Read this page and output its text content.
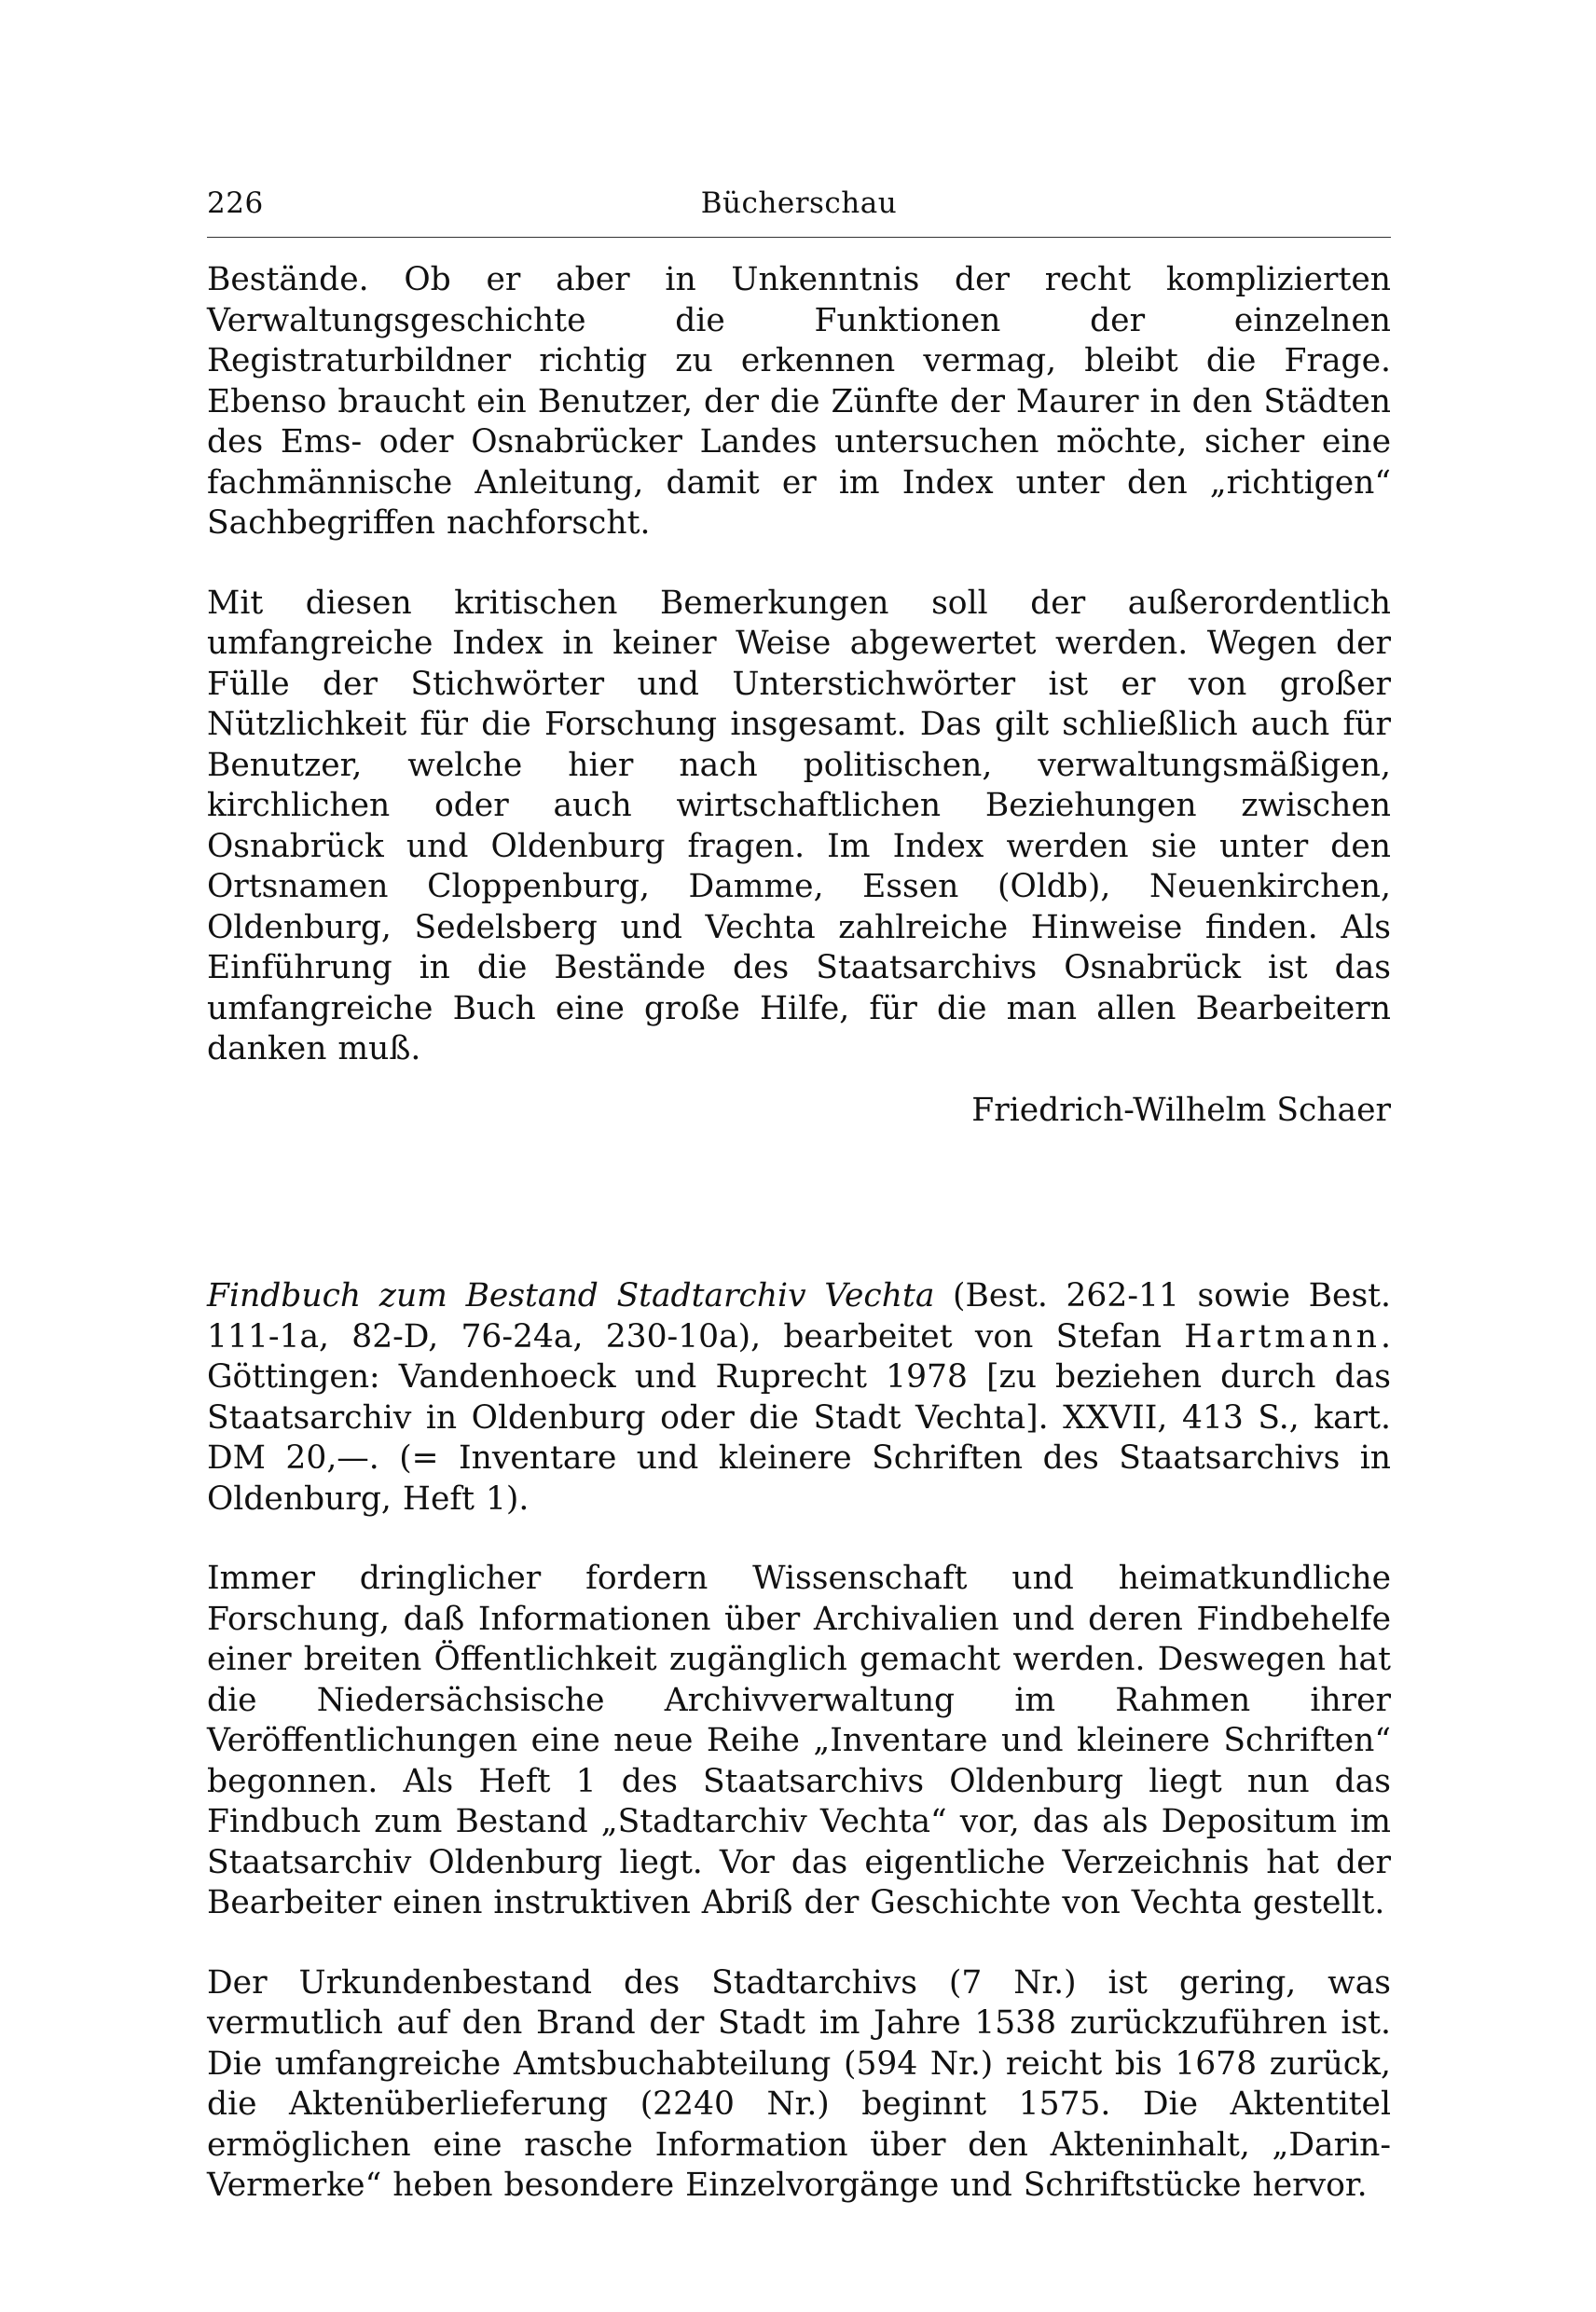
226	Bücherschau

Bestände. Ob er aber in Unkenntnis der recht komplizierten Verwaltungsgeschichte die Funktionen der einzelnen Registraturbildner richtig zu erkennen vermag, bleibt die Frage. Ebenso braucht ein Benutzer, der die Zünfte der Maurer in den Städten des Ems- oder Osnabrücker Landes untersuchen möchte, sicher eine fachmännische Anleitung, damit er im Index unter den „richtigen“ Sachbegriffen nachforscht.

Mit diesen kritischen Bemerkungen soll der außerordentlich umfangreiche Index in keiner Weise abgewertet werden. Wegen der Fülle der Stichwörter und Unterstichwörter ist er von großer Nützlichkeit für die Forschung insgesamt. Das gilt schließlich auch für Benutzer, welche hier nach politischen, verwaltungsmäßigen, kirchlichen oder auch wirtschaftlichen Beziehungen zwischen Osnabrück und Oldenburg fragen. Im Index werden sie unter den Ortsnamen Cloppenburg, Damme, Essen (Oldb), Neuenkirchen, Oldenburg, Sedelsberg und Vechta zahlreiche Hinweise finden. Als Einführung in die Bestände des Staatsarchivs Osnabrück ist das umfangreiche Buch eine große Hilfe, für die man allen Bearbeitern danken muß.

Friedrich-Wilhelm Schaer

Findbuch zum Bestand Stadtarchiv Vechta (Best. 262-11 sowie Best. 111-1a, 82-D, 76-24a, 230-10a), bearbeitet von Stefan Hartmann. Göttingen: Vandenhoeck und Ruprecht 1978 [zu beziehen durch das Staatsarchiv in Oldenburg oder die Stadt Vechta]. XXVII, 413 S., kart. DM 20,—. (= Inventare und kleinere Schriften des Staatsarchivs in Oldenburg, Heft 1).

Immer dringlicher fordern Wissenschaft und heimatkundliche Forschung, daß Informationen über Archivalien und deren Findbehelfe einer breiten Öffentlichkeit zugänglich gemacht werden. Deswegen hat die Niedersächsische Archivverwaltung im Rahmen ihrer Veröffentlichungen eine neue Reihe „Inventare und kleinere Schriften“ begonnen. Als Heft 1 des Staatsarchivs Oldenburg liegt nun das Findbuch zum Bestand „Stadtarchiv Vechta“ vor, das als Depositum im Staatsarchiv Oldenburg liegt. Vor das eigentliche Verzeichnis hat der Bearbeiter einen instruktiven Abriß der Geschichte von Vechta gestellt.

Der Urkundenbestand des Stadtarchivs (7 Nr.) ist gering, was vermutlich auf den Brand der Stadt im Jahre 1538 zurückzuführen ist. Die umfangreiche Amtsbuchabteilung (594 Nr.) reicht bis 1678 zurück, die Aktenüberlieferung (2240 Nr.) beginnt 1575. Die Aktentitel ermöglichen eine rasche Information über den Akteninhalt, „Darin-Vermerke“ heben besondere Einzelvorgänge und Schriftstücke hervor.
